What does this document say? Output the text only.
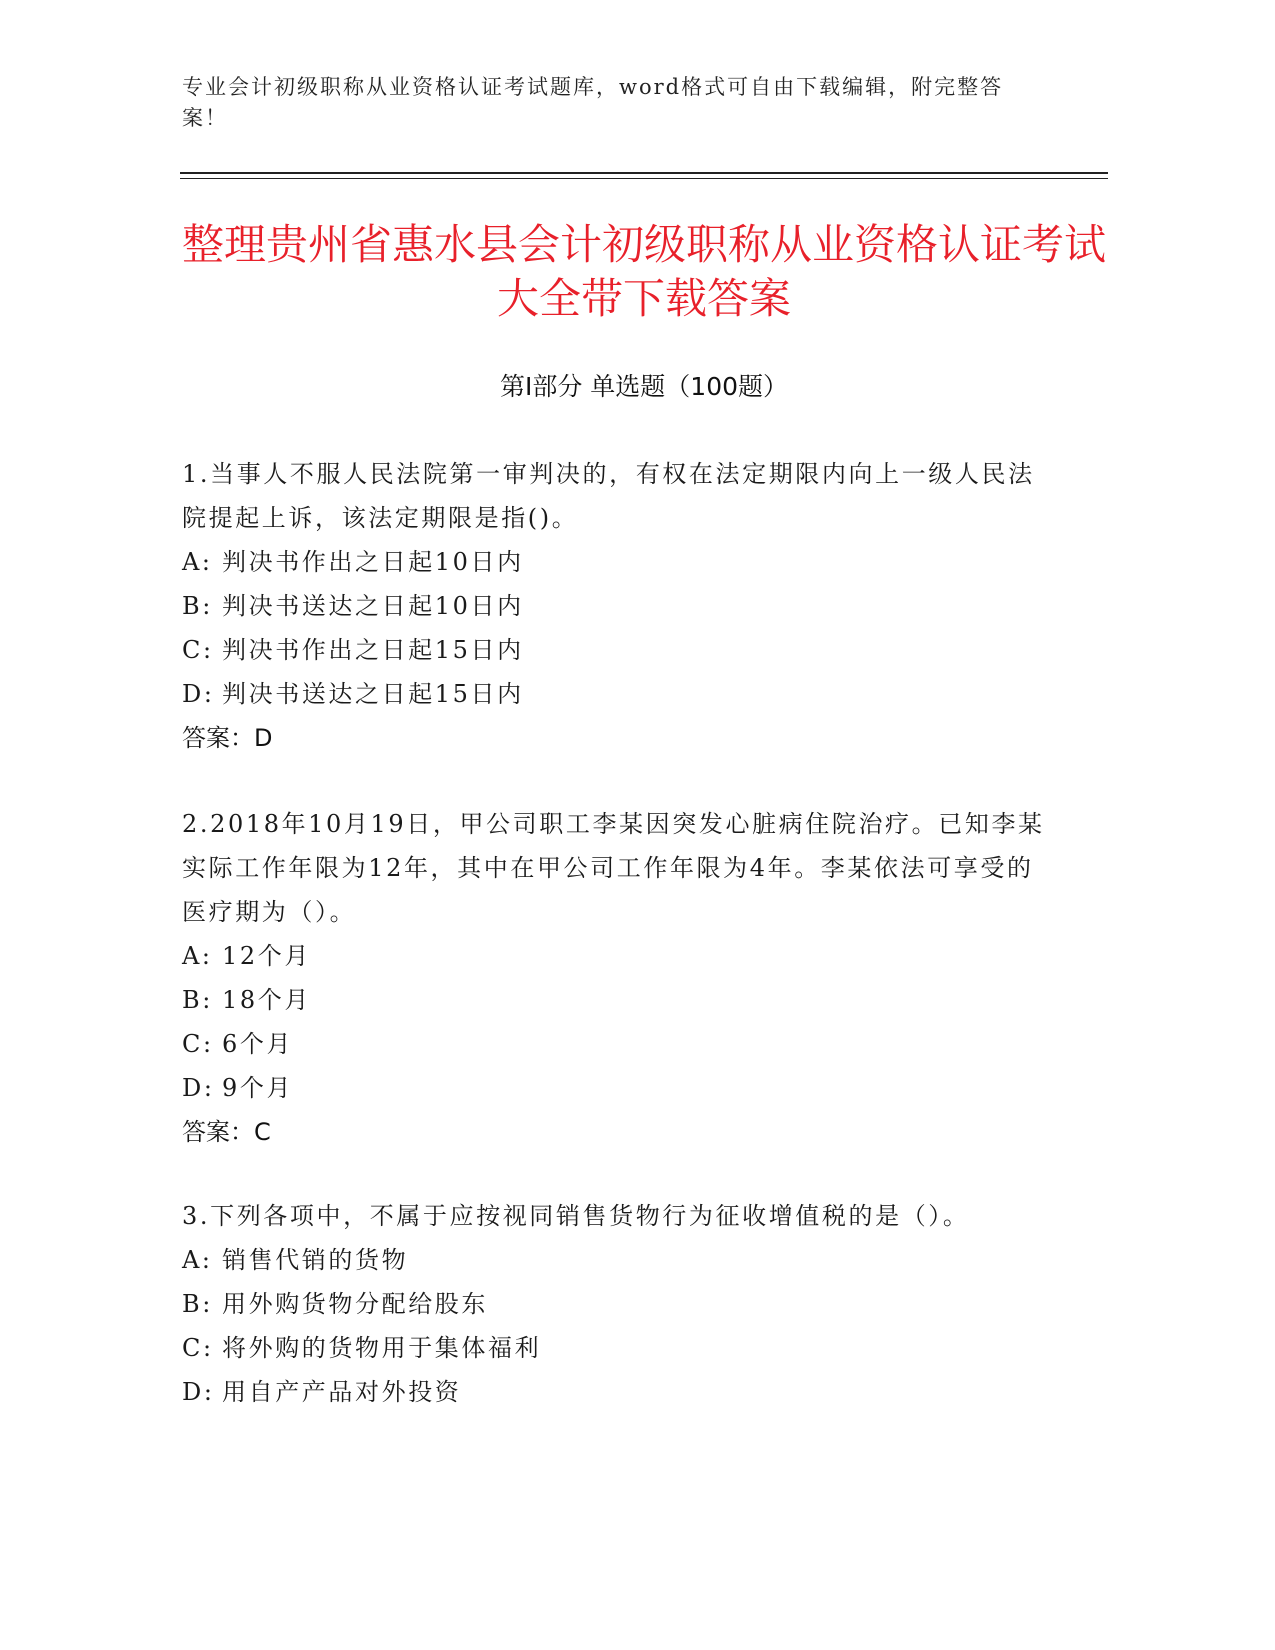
专业会计初级职称从业资格认证考试题库，word格式可自由下载编辑，附完整答案！
整理贵州省惠水县会计初级职称从业资格认证考试大全带下载答案
第Ⅰ部分 单选题（100题）

1.当事人不服人民法院第一审判决的，有权在法定期限内向上一级人民法院提起上诉，该法定期限是指()。

A: 判决书作出之日起10日内

B: 判决书送达之日起10日内

C: 判决书作出之日起15日内

D: 判决书送达之日起15日内

答案：D

2.2018年10月19日，甲公司职工李某因突发心脏病住院治疗。已知李某实际工作年限为12年，其中在甲公司工作年限为4年。李某依法可享受的医疗期为（）。

A: 12个月

B: 18个月

C: 6个月

D: 9个月

答案：C

3.下列各项中，不属于应按视同销售货物行为征收增值税的是（）。

A: 销售代销的货物

B: 用外购货物分配给股东

C: 将外购的货物用于集体福利

D: 用自产产品对外投资
